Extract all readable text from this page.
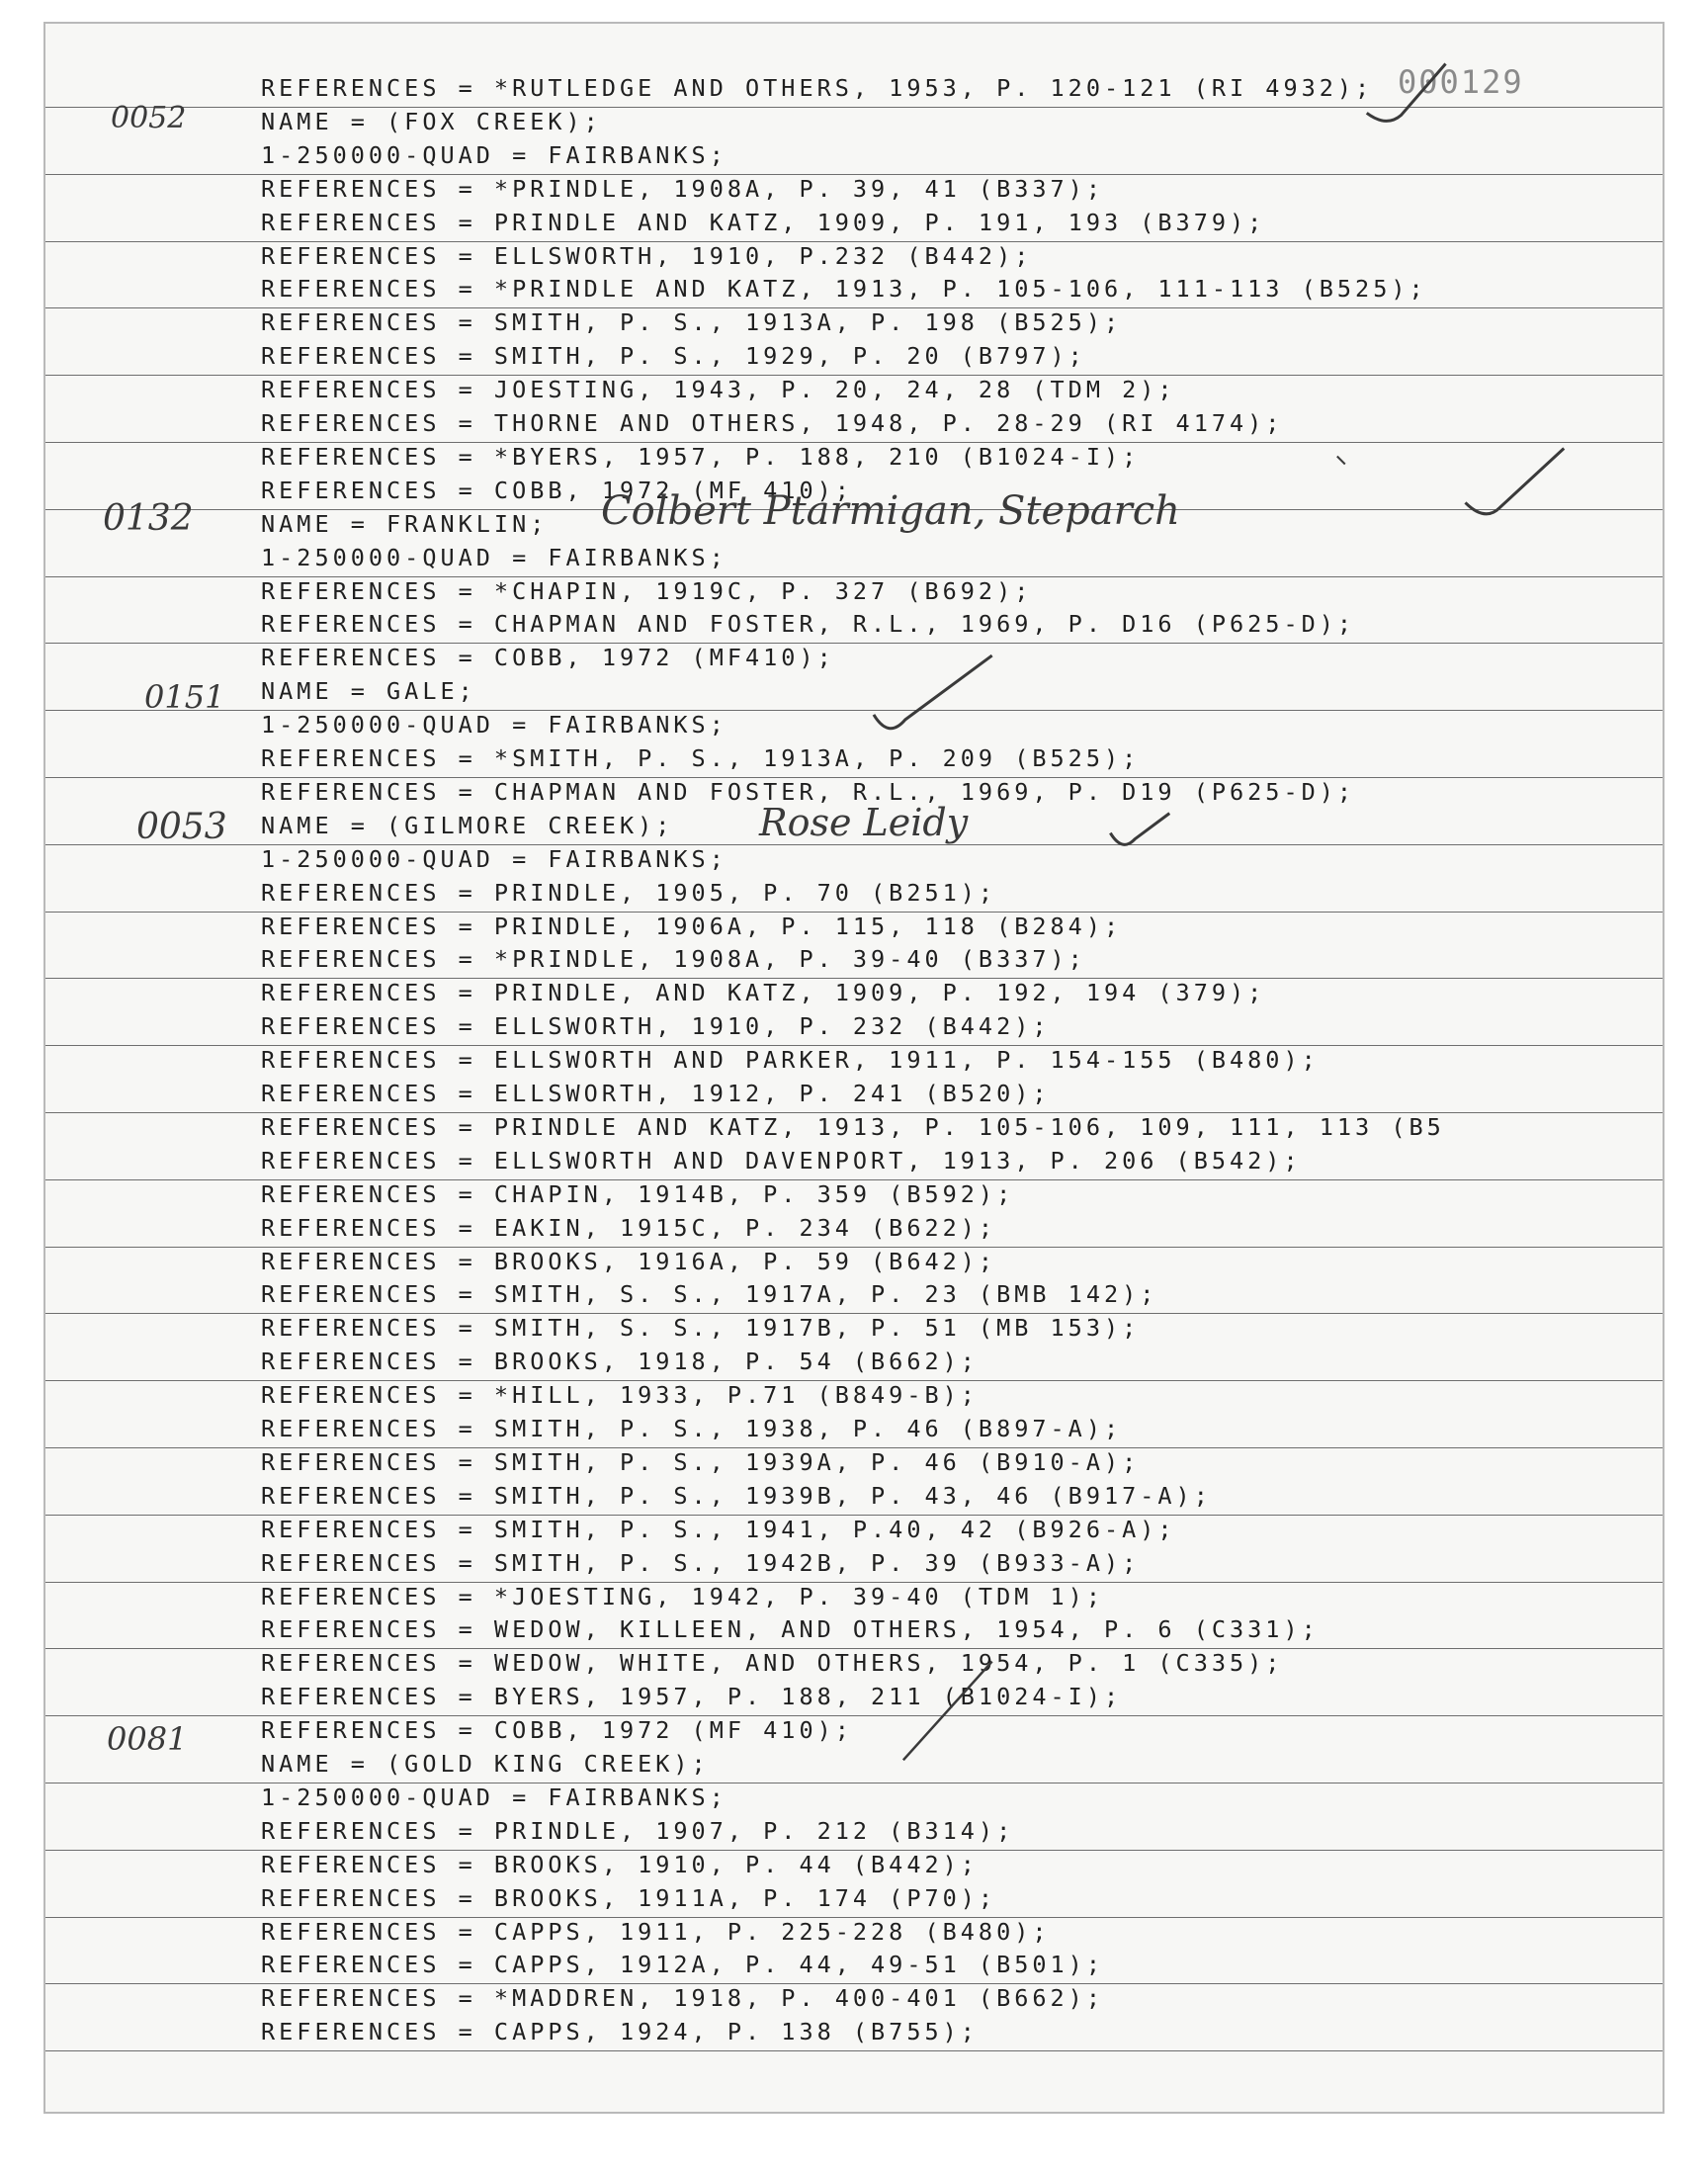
REFERENCES = *RUTLEDGE AND OTHERS, 1953, P. 120-121 (RI 4932);
NAME = (FOX CREEK);
1-250000-QUAD = FAIRBANKS;
REFERENCES = *PRINDLE, 1908A, P. 39, 41 (B337);
REFERENCES = PRINDLE AND KATZ, 1909, P. 191, 193 (B379);
REFERENCES = ELLSWORTH, 1910, P.232 (B442);
REFERENCES = *PRINDLE AND KATZ, 1913, P. 105-106, 111-113 (B525);
REFERENCES = SMITH, P. S., 1913A, P. 198 (B525);
REFERENCES = SMITH, P. S., 1929, P. 20 (B797);
REFERENCES = JOESTING, 1943, P. 20, 24, 28 (TDM 2);
REFERENCES = THORNE AND OTHERS, 1948, P. 28-29 (RI 4174);
REFERENCES = *BYERS, 1957, P. 188, 210 (B1024-I);
REFERENCES = COBB, 1972 (MF 410);
NAME = FRANKLIN;
1-250000-QUAD = FAIRBANKS;
REFERENCES = *CHAPIN, 1919C, P. 327 (B692);
REFERENCES = CHAPMAN AND FOSTER, R.L., 1969, P. D16 (P625-D);
REFERENCES = COBB, 1972 (MF410);
NAME = GALE;
1-250000-QUAD = FAIRBANKS;
REFERENCES = *SMITH, P. S., 1913A, P. 209 (B525);
REFERENCES = CHAPMAN AND FOSTER, R.L., 1969, P. D19 (P625-D);
NAME = (GILMORE CREEK);
1-250000-QUAD = FAIRBANKS;
REFERENCES = PRINDLE, 1905, P. 70 (B251);
REFERENCES = PRINDLE, 1906A, P. 115, 118 (B284);
REFERENCES = *PRINDLE, 1908A, P. 39-40 (B337);
REFERENCES = PRINDLE, AND KATZ, 1909, P. 192, 194 (379);
REFERENCES = ELLSWORTH, 1910, P. 232 (B442);
REFERENCES = ELLSWORTH AND PARKER, 1911, P. 154-155 (B480);
REFERENCES = ELLSWORTH, 1912, P. 241 (B520);
REFERENCES = PRINDLE AND KATZ, 1913, P. 105-106, 109, 111, 113 (B5
REFERENCES = ELLSWORTH AND DAVENPORT, 1913, P. 206 (B542);
REFERENCES = CHAPIN, 1914B, P. 359 (B592);
REFERENCES = EAKIN, 1915C, P. 234 (B622);
REFERENCES = BROOKS, 1916A, P. 59 (B642);
REFERENCES = SMITH, S. S., 1917A, P. 23 (BMB 142);
REFERENCES = SMITH, S. S., 1917B, P. 51 (MB 153);
REFERENCES = BROOKS, 1918, P. 54 (B662);
REFERENCES = *HILL, 1933, P.71 (B849-B);
REFERENCES = SMITH, P. S., 1938, P. 46 (B897-A);
REFERENCES = SMITH, P. S., 1939A, P. 46 (B910-A);
REFERENCES = SMITH, P. S., 1939B, P. 43, 46 (B917-A);
REFERENCES = SMITH, P. S., 1941, P.40, 42 (B926-A);
REFERENCES = SMITH, P. S., 1942B, P. 39 (B933-A);
REFERENCES = *JOESTING, 1942, P. 39-40 (TDM 1);
REFERENCES = WEDOW, KILLEEN, AND OTHERS, 1954, P. 6 (C331);
REFERENCES = WEDOW, WHITE, AND OTHERS, 1954, P. 1 (C335);
REFERENCES = BYERS, 1957, P. 188, 211 (B1024-I);
REFERENCES = COBB, 1972 (MF 410);
NAME = (GOLD KING CREEK);
1-250000-QUAD = FAIRBANKS;
REFERENCES = PRINDLE, 1907, P. 212 (B314);
REFERENCES = BROOKS, 1910, P. 44 (B442);
REFERENCES = BROOKS, 1911A, P. 174 (P70);
REFERENCES = CAPPS, 1911, P. 225-228 (B480);
REFERENCES = CAPPS, 1912A, P. 44, 49-51 (B501);
REFERENCES = *MADDREN, 1918, P. 400-401 (B662);
REFERENCES = CAPPS, 1924, P. 138 (B755);
000129
0052
0132	Colbert Ptarmigan, Steparch
0151
0053	Rose Leidy
0081
